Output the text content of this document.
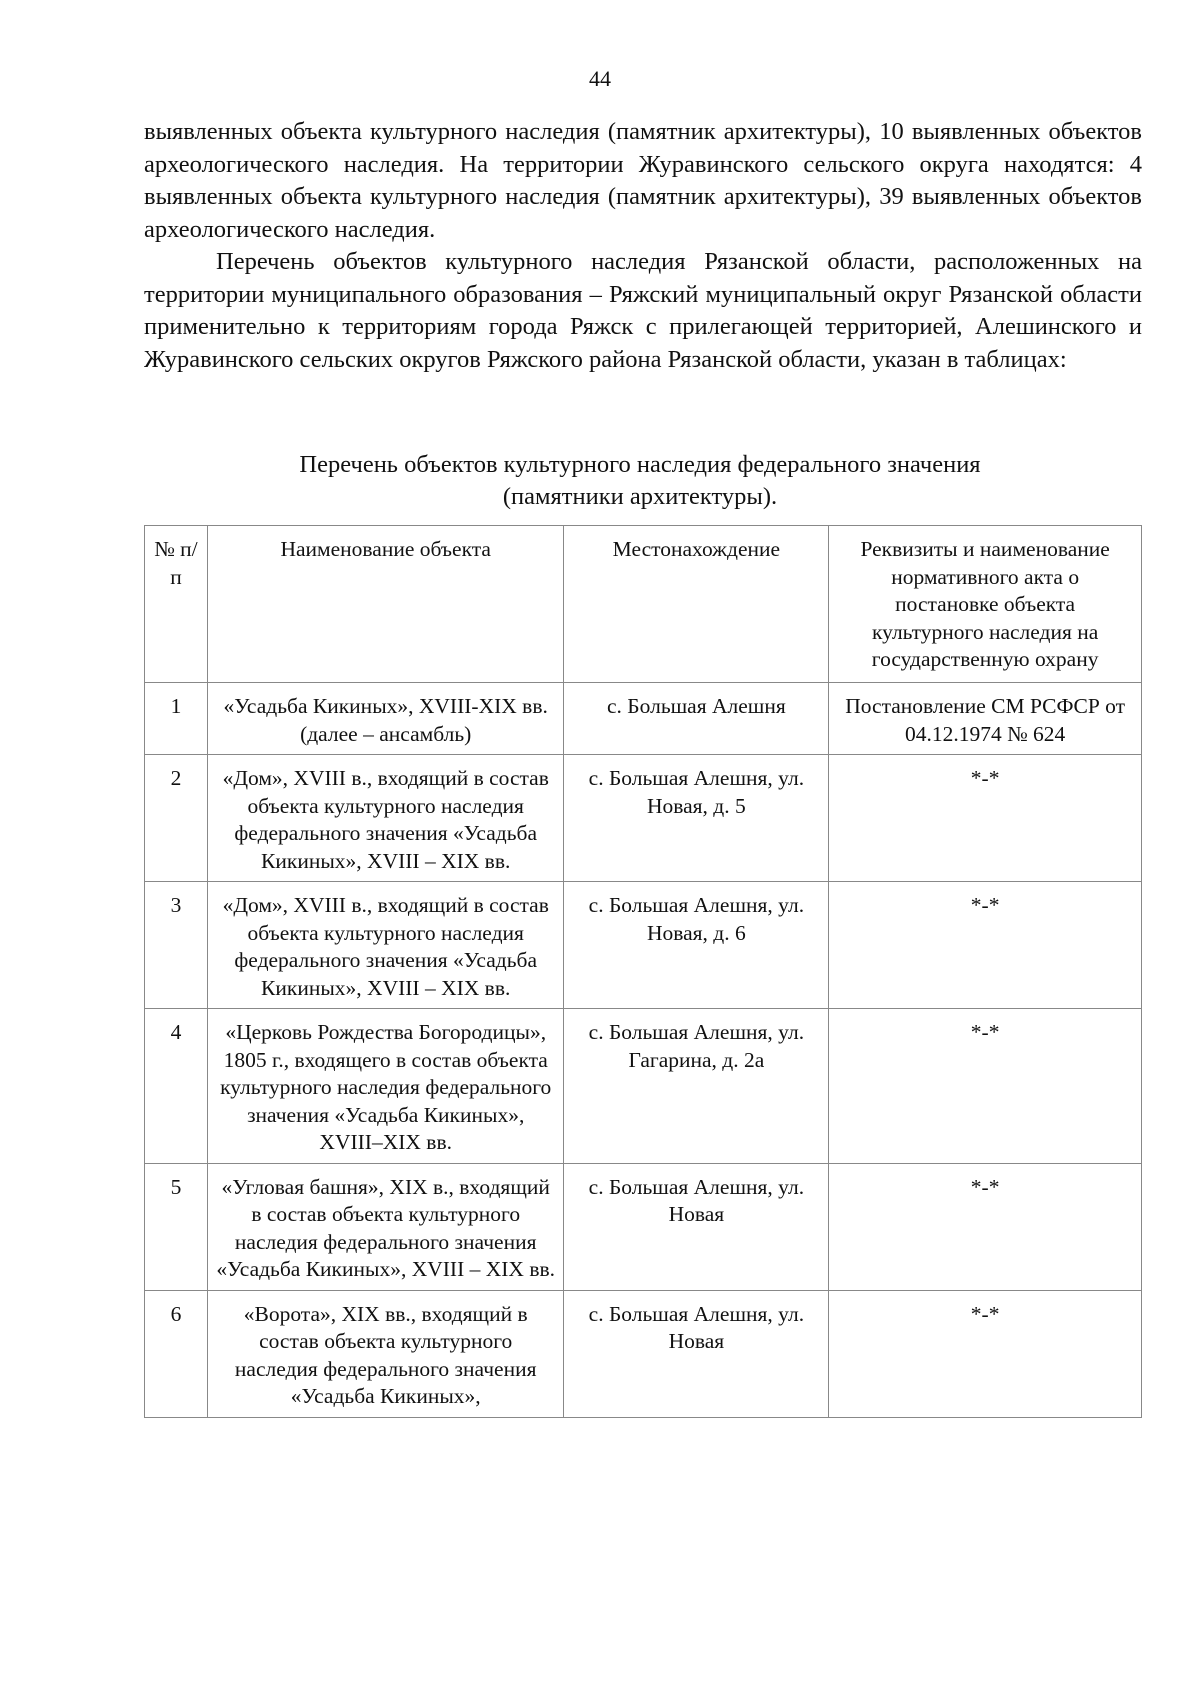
44

выявленных объекта культурного наследия (памятник архитектуры), 10 выявленных объектов археологического наследия. На территории Журавинского сельского округа находятся: 4 выявленных объекта культурного наследия (памятник архитектуры), 39 выявленных объектов археологического наследия.

Перечень объектов культурного наследия Рязанской области, расположенных на территории муниципального образования – Ряжский муниципальный округ Рязанской области применительно к территориям города Ряжск с прилегающей территорией, Алешинского и Журавинского сельских округов Ряжского района Рязанской области, указан в таблицах:

Перечень объектов культурного наследия федерального значения
(памятники архитектуры).
№ п/п	Наименование объекта	Местонахождение	Реквизиты и наименование нормативного акта о постановке объекта культурного наследия на государственную охрану
1	«Усадьба Кикиных», XVIII-XIX вв. (далее – ансамбль)	с. Большая Алешня	Постановление СМ РСФСР от 04.12.1974 № 624
2	«Дом», XVIII в., входящий в состав объекта культурного наследия федерального значения «Усадьба Кикиных», XVIII – XIX вв.	с. Большая Алешня, ул. Новая, д. 5	*-*
3	«Дом», XVIII в., входящий в состав объекта культурного наследия федерального значения «Усадьба Кикиных», XVIII – XIX вв.	с. Большая Алешня, ул. Новая, д. 6	*-*
4	«Церковь Рождества Богородицы», 1805 г., входящего в состав объекта культурного наследия федерального значения «Усадьба Кикиных», XVIII–XIX вв.	с. Большая Алешня, ул. Гагарина, д. 2а	*-*
5	«Угловая башня», XIX в., входящий в состав объекта культурного наследия федерального значения «Усадьба Кикиных», XVIII – XIX вв.	с. Большая Алешня, ул. Новая	*-*
6	«Ворота», XIX вв., входящий в состав объекта культурного наследия федерального значения «Усадьба Кикиных»,	с. Большая Алешня, ул. Новая	*-*
